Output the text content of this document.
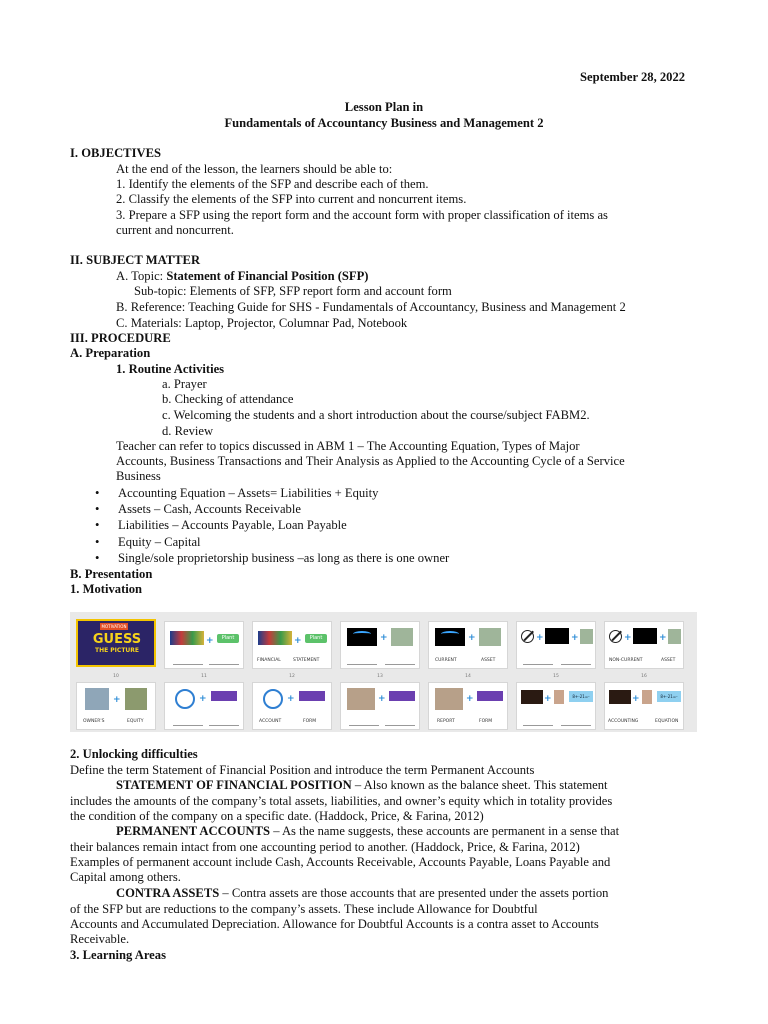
September 28, 2022
Lesson Plan in
Fundamentals of Accountancy Business and Management 2
I. OBJECTIVES
At the end of the lesson, the learners should be able to:
1. Identify the elements of the SFP and describe each of them.
2. Classify the elements of the SFP into current and noncurrent items.
3. Prepare a SFP using the report form and the account form with proper classification of items as
current and noncurrent.
II. SUBJECT MATTER
A. Topic: Statement of Financial Position (SFP)
Sub-topic: Elements of SFP, SFP report form and account form
B. Reference: Teaching Guide for SHS - Fundamentals of Accountancy, Business and Management 2
C. Materials: Laptop, Projector, Columnar Pad, Notebook
III. PROCEDURE
A. Preparation
1. Routine Activities
a. Prayer
b. Checking of attendance
c. Welcoming the students and a short introduction about the course/subject FABM2.
d. Review
Teacher can refer to topics discussed in ABM 1 – The Accounting Equation, Types of Major
Accounts, Business Transactions and Their Analysis as Applied to the Accounting Cycle of a Service
Business
• Accounting Equation – Assets= Liabilities + Equity
• Assets – Cash, Accounts Receivable
• Liabilities – Accounts Payable, Loan Payable
• Equity – Capital
• Single/sole proprietorship business –as long as there is one owner
B. Presentation
1. Motivation
MOTIVATION
GUESS
THE PICTURE
10
+	Plant
11
+	Plant
FINANCIAL	STATEMENT
12
+
13
+
CURRENT	ASSET
14
+	+
15
+	+
NON-CURRENT	ASSET
16
+
OWNER'S	EQUITY
+	+
ACCOUNT	FORM
+	+
REPORT	FORM
+	8+-21=-	+	8+-21=-
ACCOUNTING	EQUATION
2. Unlocking difficulties
Define the term Statement of Financial Position and introduce the term Permanent Accounts
STATEMENT OF FINANCIAL POSITION – Also known as the balance sheet. This statement
includes the amounts of the company’s total assets, liabilities, and owner’s equity which in totality provides
the condition of the company on a specific date. (Haddock, Price, & Farina, 2012)
PERMANENT ACCOUNTS – As the name suggests, these accounts are permanent in a sense that
their balances remain intact from one accounting period to another. (Haddock, Price, & Farina, 2012)
Examples of permanent account include Cash, Accounts Receivable, Accounts Payable, Loans Payable and
Capital among others.
CONTRA ASSETS – Contra assets are those accounts that are presented under the assets portion
of the SFP but are reductions to the company’s assets. These include Allowance for Doubtful
Accounts and Accumulated Depreciation. Allowance for Doubtful Accounts is a contra asset to Accounts
Receivable.
3. Learning Areas
